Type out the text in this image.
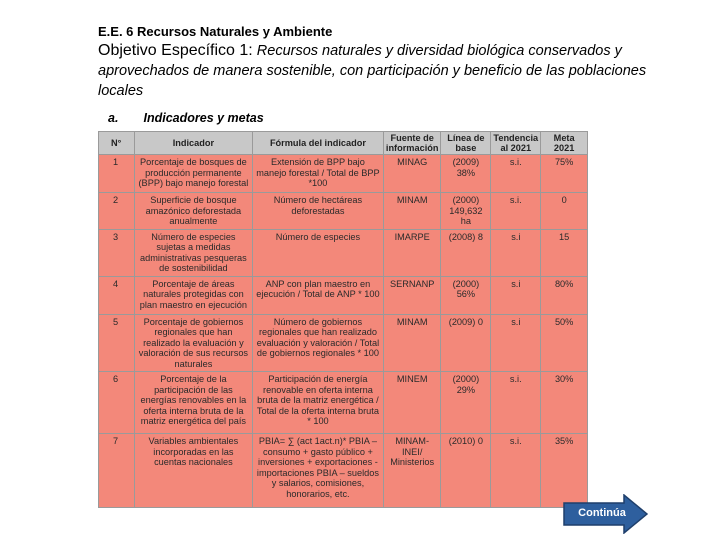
E.E. 6 Recursos Naturales y Ambiente
Objetivo Específico 1: Recursos naturales y diversidad biológica conservados y aprovechados de manera sostenible, con participación y beneficio de las poblaciones locales
a. Indicadores y metas
N°	Indicador	Fórmula del indicador	Fuente de información	Línea de base	Tendencia al 2021	Meta 2021
1	Porcentaje de bosques de producción permanente (BPP) bajo manejo forestal	Extensión de BPP bajo manejo forestal / Total de BPP *100	MINAG	(2009) 38%	s.i.	75%
2	Superficie de bosque amazónico deforestada anualmente	Número de hectáreas deforestadas	MINAM	(2000) 149,632 ha	s.i.	0
3	Número de especies sujetas a medidas administrativas pesqueras de sostenibilidad	Número de especies	IMARPE	(2008) 8	s.i	15
4	Porcentaje de áreas naturales protegidas con plan maestro en ejecución	ANP con plan maestro en ejecución / Total de ANP * 100	SERNANP	(2000) 56%	s.i	80%
5	Porcentaje de gobiernos regionales que han realizado la evaluación y valoración de sus recursos naturales	Número de gobiernos regionales que han realizado evaluación y valoración / Total de gobiernos regionales * 100	MINAM	(2009) 0	s.i	50%
6	Porcentaje de la participación de las energías renovables en la oferta interna bruta de la matriz energética del país	Participación de energía renovable en oferta interna bruta de la matriz energética / Total de la oferta interna bruta * 100	MINEM	(2000) 29%	s.i.	30%
7	Variables ambientales incorporadas en las cuentas nacionales	PBIA= ∑ (act 1act.n)* PBIA – consumo + gasto público + inversiones + exportaciones - importaciones PBIA – sueldos y salarios, comisiones, honorarios, etc.	MINAM-INEI/ Ministerios	(2010) 0	s.i.	35%
Continúa
